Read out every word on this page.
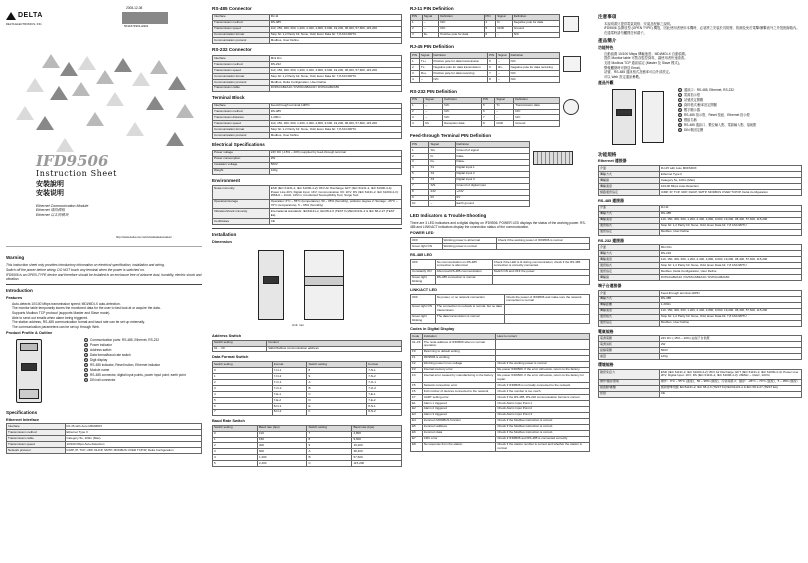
DELTA
DELTA ELECTRONICS, INC.
2008-12-08
5011674901-E901
IFD9506
Instruction Sheet
安裝說明
安装说明
Ethernet Communication Module
Ethernet 通訊模組
Ethernet 以太网模块
http://www.delta.com.tw/industrialautomation/
Warning

This instruction sheet only provides introductory information on electrical specification, installation and wiring.

Switch off the power before wiring. DO NOT touch any terminal when the power is switched on.

IFD9506 is an OPEN-TYPE device and therefore should be installed in an enclosure free of airborne dust, humidity, electric shock and vibration.

Introduction
Features
• Auto-detects 10/100 Mbps transmission speed; MDI/MDI-X auto-detection.
• The monitor table temporarily stores the monitored data for the user to fast look at or acquire the data.
• Supports Modbus TCP protocol (supports Master and Slave mode).
• Able to send out emails when alarm being triggered.
• The station address, RS-485 communication format and baud rate can be set up externally.
• The communication parameters can be set up through Web.
Product Profile & Outline
1	Communication ports: RS-485, Ethernet, RS-232
2	Power indicator
3	Address switch
4	Data format/baud rate switch
5	Digit display
6	RS-485 indicator, Reset button, Ethernet indicator
7	Module name
8	RS-485 connector, digital input points, power input point, earth point
9	DIN rail connector
Specifications
Ethernet Interface
Interface	RJ-45 with Auto MDI/MDIX
Transmission method	Ethernet Type II
Transmission cable	Category 5e, 100m (Max)
Transmission speed	10/100 Mbps Auto-Detection
Network protocol	ICMP, IP, TCP, UDP, DHCP, SMTP, MODBUS OVER TCP/IP, Delta Configuration
RS-485 Connector
Interface	RJ-11
Transmission method	RS-485
Transmission speed	110, 150, 300, 600, 1,200, 2,400, 4,800, 9,600, 19,200, 38,400, 57,600, 115,200
Communication format	Stop bit: 1,2 Parity bit: None, Odd, Even Data bit: 7,8 ASCII/RTU
Communication protocol	Modbus, User Define
RS-232 Connector
Interface	Mini Din
Transmission method	RS-232
Transmission speed	110, 150, 300, 600, 1,200, 2,400, 4,800, 9,600, 19,200, 38,400, 57,600, 115,200
Communication format	Stop bit: 1,2 Parity bit: None, Odd, Even Data bit: 7,8 ASCII/RTU
Communication protocol	Modbus, Delta Configuration, User Define
Transmission cable	DVPACAB2A10 / DVPACAB2A30 / DVPACAB2A50
Terminal Block
Interface	Feed-through terminal 10PIN
Transmission method	RS-485
Transmission distance	1,200m
Transmission speed	110, 150, 300, 600, 1,200, 2,400, 4,800, 9,600, 19,200, 38,400, 57,600, 115,200
Communication format	Stop bit: 1,2 Parity bit: None, Odd, Even Data bit: 7,8 ASCII/RTU
Communication protocol	Modbus, User Define
Electrical Specifications
Power voltage	24V DC (-15% ~ 20%) supplied by feed-through terminal
Power consumption	2W
Insulation voltage	500V
Weight	120g
Environment
Noise immunity	ESD (IEC 61131-2, IEC 61000-4-2): 8KV Air Discharge; EFT (IEC 61131-2, IEC 61000-4-4): Power Line 2KV, Digital Input: 1KV; Communication I/O: 1KV; RS (IEC 61131-2, IEC 61000-4-3): 26MHz ~ 1GHz, 10V/m; Conducted Susceptibility Test; Surge Test
Operation/storage	Operation: 0°C ~ 55°C (temperature), 50 ~ 95% (humidity), pollution degree 2; Storage: -25°C ~ 70°C (temperature), 5 ~ 95% (humidity)
Vibration/shock immunity	International standards: IEC61131-2, IEC68-2-6 (TEST Fc)/IEC61131-2 & IEC 68-2-27 (TEST Ea)
Certificates	CE
Installation
Dimension
Unit: mm
Address Switch
Switch setting	Content
01 ... FF	Valid Modbus communication address
Data Format Switch
Switch setting	Format	Switch setting	Format
0	7-N-1	8	7-N-1
1	7-N-2	9	7-N-2
2	7-O-1	A	7-O-1
3	7-O-2	B	7-O-2
4	7-E-1	C	7-E-1
5	7-E-2	D	7-E-2
6	8-N-1	E	8-N-1
7	8-N-2	F	8-N-2
Baud Rate Switch
Switch setting	Baud rate (bps)	Switch setting	Baud rate (bps)
0	110	7	4,800
1	150	8	9,600
2	300	9	19,200
3	600	A	38,400
4	1,200	B	57,600
5	2,400	C	115,200
RJ-11 PIN Definition
PIN	Signal	Definition	PIN	Signal	Definition
1	--	N/C	4	D-	Negative pole for data
2	--	N/C	5	GND	Ground
3	D+	Positive pole for data	6	--	N/C
RJ-45 PIN Definition
PIN	Signal	Definition	PIN	Signal	Definition
1	Tx+	Positive pole for data transmission	5	--	N/C
2	Tx-	Negative pole for data transmission	6	Rx-	Negative pole for data receiving
3	Rx+	Positive pole for data receiving	7	--	N/C
4	--	N/C	8	--	N/C
RS-232 PIN Definition
PIN	Signal	Definition	PIN	Signal	Definition
1	--	N/C	5	Tx	Transmission data
2	--	N/C	6	--	N/C
3	--	N/C	7	--	N/C
4	Rx	Reception data	8	GND	Ground
Feed-through Terminal PIN Definition
PIN	Signal	Definition
1	SG	Ground of signal
2	D-	Data-
3	D+	Data+
4	X1	Digital input 1
5	X2	Digital input 2
6	X3	Digital input 3
7	S/S	Ground of digital input
8	24V	+24V
9	0V	0V
10	--	Earth ground
LED Indicators & Trouble-Shooting

There are 3 LED indicators and a digital display on IFD9506. POWER LED displays the status of the working power. RS-485 and LINK/ACT indicators display the connection status of the communication.

POWER LED
OFF	Working power is abnormal	Check if the working power of IFD9506 is normal
Green light ON	Working power is normal	
RS-485 LED
OFF	No communication on RS-485 connection is abnormal	Check if the LED is lit during communication; check if the RS-485 connection is correctly connected.
Constantly ON	Abnormal RS-485 communication	Switch ON and OFF the power
Green light blinking	RS-485 connection is normal	
LINK/ACT LED
OFF	No power, or no network connection	Check the power of IFD9506 and make sure the network connection is normal
Green light ON	The connection to network is normal, but no data transmission	
Green light blinking	The data transmission is normal	
Codes in Digital Display
Code	Indication	How to correct
01~FF	The node address of IFD9506 when in normal operation	
F0	Returning to default setting	
F1	IFD9506 is working	
F2	Working power is too voltage	Check if the working power is normal
F3	Internal memory error	Re-power IFD9506. If the error still exists, return to the factory.
F4	Internal error caused by manufacturing in the factory	Re-power IFD9506. If the error still exists, return to the factory for repair.
F5	Network connection error	Check if IFD9506 is normally connected to the network.
F6	Full number of devices connected to the network	Check if the number is too much.
F7	UART setting error	Check if the RS-485, RS-232 communication format is correct.
E1	Alarm 1 triggered	Check Alarm Input Point 1
E2	Alarm 2 triggered	Check Alarm Input Point 2
E3	Alarm 3 triggered	Check Alarm Input Point 3
E4	Incorrect MODBUS function	Check if the Modbus instruction is correct.
E5	Incorrect address	Check if the Modbus instruction is correct.
E6	Incorrect data	Check if the Modbus instruction is correct.
E7	CRC error	Check if IFD9506 and RS-485 is connected correctly.
E8	No response from the station	Check if the station number is correct and whether the station is normal.
注意事項
• 本說明書只提供電氣規格、安裝及配線之說明。
• IFD9506 為開放型 (OPEN TYPE) 機殼，因此使用者使用本機時，必須將之安裝於具防塵、防潮及免於電擊/衝擊意外之外殼配線箱內。
• 在通電時請勿觸摸任何端子。
產品簡介
功能特色
• 自動偵測 10/100 Mbps 傳輸速度；MDI/MDI-X 自動偵測。
• 提供 Monitor table 可暫存監控資料，讓使用者快速查看。
• 支援 Modbus TCP 通訊協定 (Master 及 Slave 模式)。
• 警報觸發時可發送 Email。
• 站號、RS-485 通訊格式及鮑率可由外部設定。
• 可以 Web 設定通訊參數。
產品外觀
1	通訊口：RS-485, Ethernet, RS-232
2	電源指示燈
3	站號設定開關
4	資料格式/鮑率設定開關
5	數字顯示器
6	RS-485 指示燈、Reset 按鈕、Ethernet 指示燈
7	模組名稱
8	RS-485 通訊口、數位輸入點、電源輸入點、接地點
9	DIN 軌固定槽
功能規格
Ethernet 連接器
介面	RJ-45 with Auto MDI/MDIX
傳輸方式	Ethernet Type II
傳輸線	Category 5e, 100m (Max)
傳輸速度	10/100 Mbps Auto-Detection
網路通訊協定	ICMP, IP, TCP, UDP, DHCP, SMTP, MODBUS OVER TCP/IP, Delta Configuration
RS-485 連接器
介面	RJ-11
傳輸方式	RS-485
傳輸速度	110, 150, 300, 600, 1,200, 2,400, 4,800, 9,600, 19,200, 38,400, 57,600, 115,200
通訊格式	Stop bit: 1,2 Parity bit: None, Odd, Even Data bit: 7,8 ASCII/RTU
通訊協定	Modbus, User Define
RS-232 連接器
介面	Mini Din
傳輸方式	RS-232
傳輸速度	110, 150, 300, 600, 1,200, 2,400, 4,800, 9,600, 19,200, 38,400, 57,600, 115,200
通訊格式	Stop bit: 1,2 Parity bit: None, Odd, Even Data bit: 7,8 ASCII/RTU
通訊協定	Modbus, Delta Configuration, User Define
傳輸線	DVPACAB2A10 / DVPACAB2A30 / DVPACAB2A50
端子台連接器
介面	Feed-through terminal 10PIN
傳輸方式	RS-485
傳輸距離	1,200m
傳輸速度	110, 150, 300, 600, 1,200, 2,400, 4,800, 9,600, 19,200, 38,400, 57,600, 115,200
通訊格式	Stop bit: 1,2 Parity bit: None, Odd, Even Data bit: 7,8 ASCII/RTU
通訊協定	Modbus, User Define
電氣規格
電源電壓	24V DC (-15% ~ 20%) 由端子台供應
電源消耗	2W
絕緣電壓	500V
重量	120g
環境規格
雜訊免疫力	ESD (IEC 61131-2, IEC 61000-4-2): 8KV Air Discharge; EFT (IEC 61131-2, IEC 61000-4-4): Power Line 2KV, Digital Input: 1KV; RS (IEC 61131-2, IEC 61000-4-3): 26MHz ~ 1GHz, 10V/m
操作/儲存環境	操作：0°C ~ 55°C (溫度)，50 ~ 95% (濕度)，污染等級 2；儲存：-25°C ~ 70°C (溫度)，5 ~ 95% (濕度)
耐振動/衝擊	國際標準規範 IEC61131-2, IEC 68-2-6 (TEST Fc)/IEC61131-2 & IEC 68-2-27 (TEST Ea)
認證	CE
